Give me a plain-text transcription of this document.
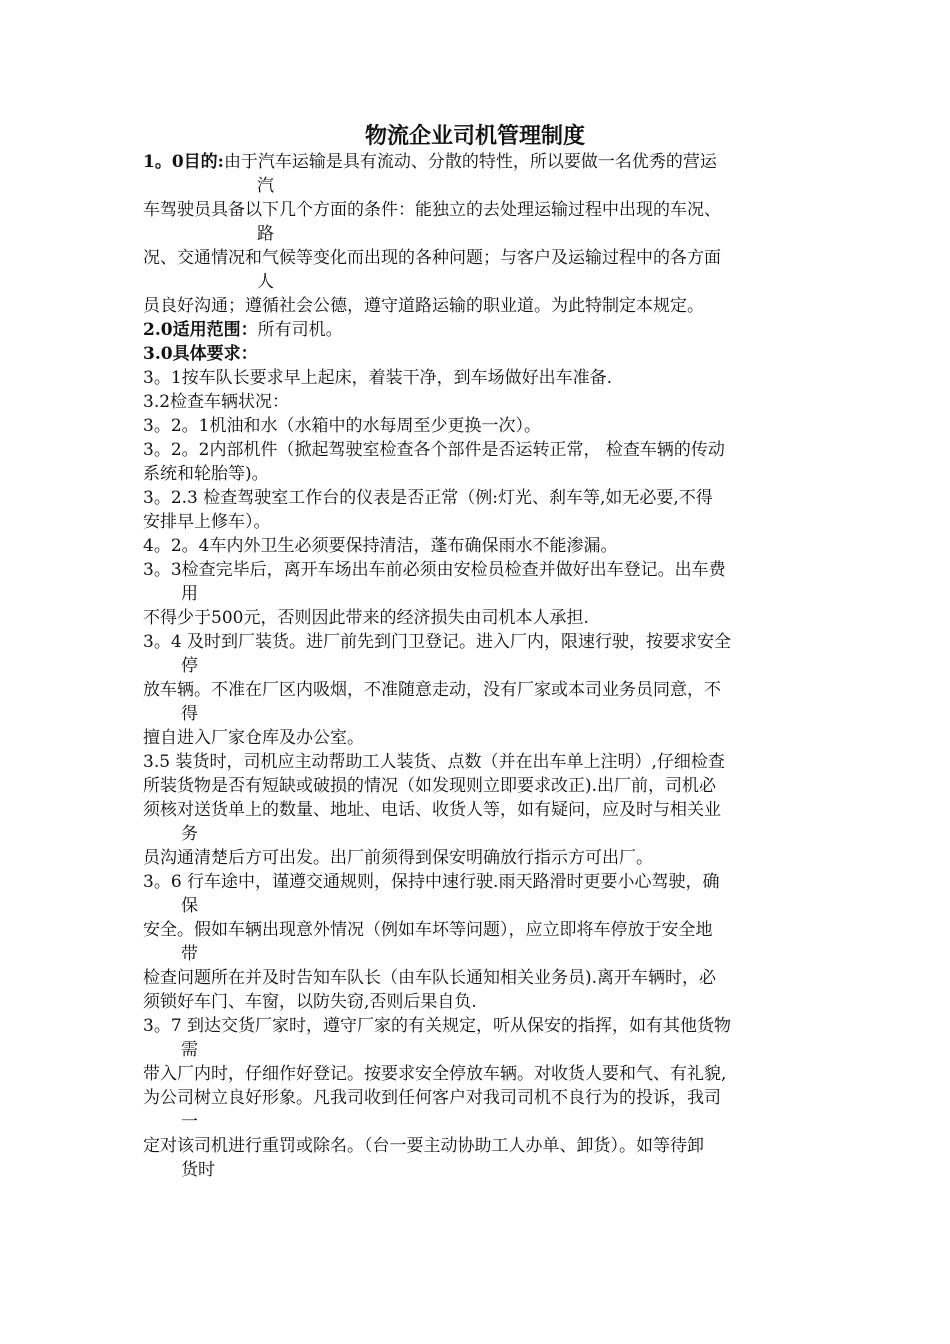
物流企业司机管理制度

1。0目的:由于汽车运输是具有流动、分散的特性，所以要做一名优秀的营运

汽

车驾驶员具备以下几个方面的条件：能独立的去处理运输过程中出现的车况、

路

况、交通情况和气候等变化而出现的各种问题；与客户及运输过程中的各方面

人

员良好沟通；遵循社会公德，遵守道路运输的职业道。为此特制定本规定。

2.0适用范围：所有司机。

3.0具体要求：

3。1按车队长要求早上起床，着装干净，到车场做好出车准备.

3.2检查车辆状况：

3。2。1机油和水（水箱中的水每周至少更换一次）。

3。2。2内部机件（掀起驾驶室检查各个部件是否运转正常， 检查车辆的传动

系统和轮胎等)。

3。2.3 检查驾驶室工作台的仪表是否正常（例:灯光、刹车等,如无必要,不得

安排早上修车）。

4。2。4车内外卫生必须要保持清洁，蓬布确保雨水不能渗漏。

3。3检查完毕后，离开车场出车前必须由安检员检查并做好出车登记。出车费

用

不得少于500元，否则因此带来的经济损失由司机本人承担.

3。4 及时到厂装货。进厂前先到门卫登记。进入厂内，限速行驶，按要求安全

停

放车辆。不准在厂区内吸烟，不准随意走动，没有厂家或本司业务员同意，不

得

擅自进入厂家仓库及办公室。

3.5 装货时，司机应主动帮助工人装货、点数（并在出车单上注明）,仔细检查

所装货物是否有短缺或破损的情况（如发现则立即要求改正).出厂前，司机必

须核对送货单上的数量、地址、电话、收货人等，如有疑问，应及时与相关业

务

员沟通清楚后方可出发。出厂前须得到保安明确放行指示方可出厂。

3。6 行车途中，谨遵交通规则，保持中速行驶.雨天路滑时更要小心驾驶，确

保

安全。假如车辆出现意外情况（例如车坏等问题），应立即将车停放于安全地

带

检查问题所在并及时告知车队长（由车队长通知相关业务员).离开车辆时，必

须锁好车门、车窗，以防失窃,否则后果自负.

3。7 到达交货厂家时，遵守厂家的有关规定，听从保安的指挥，如有其他货物

需

带入厂内时，仔细作好登记。按要求安全停放车辆。对收货人要和气、有礼貌,

为公司树立良好形象。凡我司收到任何客户对我司司机不良行为的投诉，我司

一

定对该司机进行重罚或除名。（台一要主动协助工人办单、卸货）。如等待卸

货时
